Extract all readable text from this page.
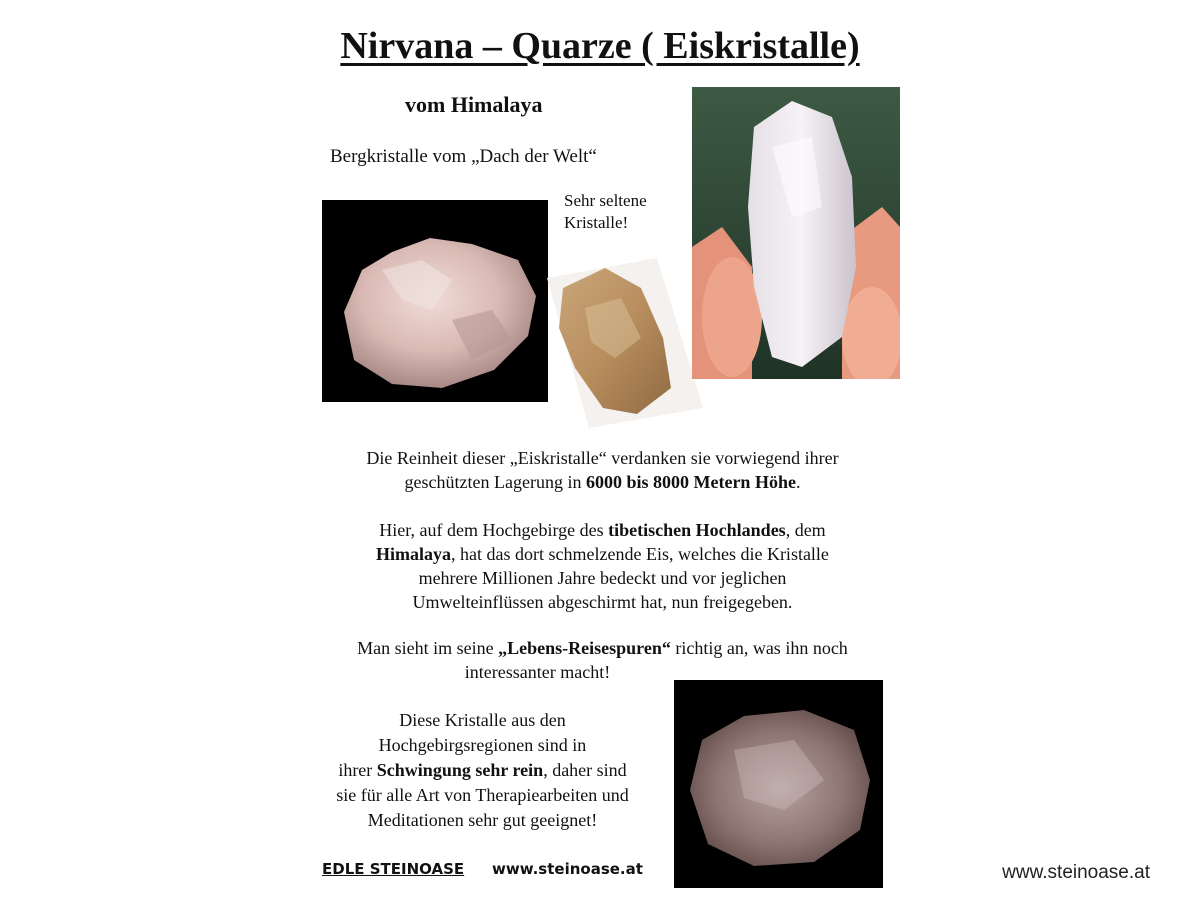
Nirvana – Quarze ( Eiskristalle)
vom Himalaya
Bergkristalle vom „Dach der Welt“
Sehr seltene
Kristalle!
Die Reinheit dieser „Eiskristalle“ verdanken sie vorwiegend ihrer
geschützten Lagerung in 6000 bis 8000 Metern Höhe.
Hier, auf dem Hochgebirge des tibetischen Hochlandes, dem
Himalaya, hat das dort schmelzende Eis, welches die Kristalle
mehrere Millionen Jahre bedeckt und vor jeglichen
Umwelteinflüssen abgeschirmt hat, nun freigegeben.
Man sieht im seine „Lebens-Reisespuren“ richtig an, was ihn noch
interessanter macht!
Diese Kristalle aus den
Hochgebirgsregionen sind in
ihrer Schwingung sehr rein, daher sind
sie für alle Art von Therapiearbeiten und
Meditationen sehr gut geeignet!
EDLE STEINOASE www.steinoase.at	www.steinoase.at
